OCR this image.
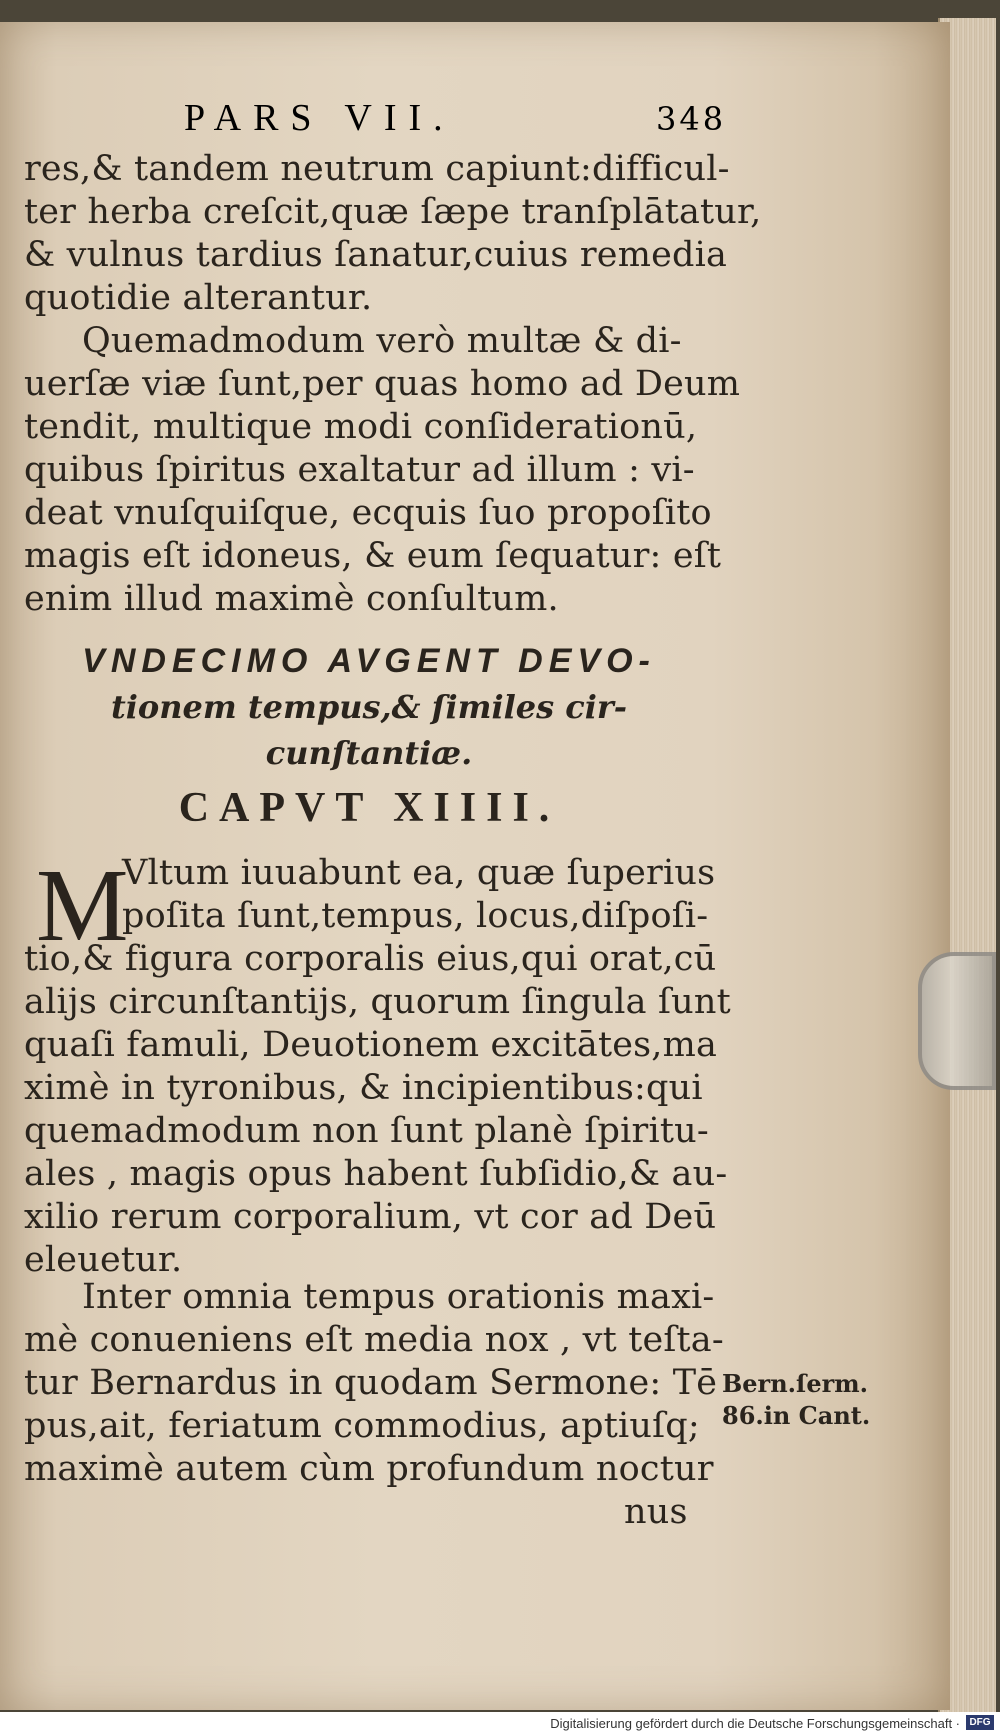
PARS VII.	348
res,& tandem neutrum capiunt:difficul-
ter herba creſcit,quæ ſæpe tranſplātatur,
& vulnus tardius ſanatur,cuius remedia
quotidie alterantur.
Quemadmodum verò multæ & di-
uerſæ viæ ſunt,per quas homo ad Deum
tendit, multique modi conſiderationū,
quibus ſpiritus exaltatur ad illum : vi-
deat vnuſquiſque, ecquis ſuo propoſito
magis eſt idoneus, & eum ſequatur: eſt
enim illud maximè conſultum.
VNDECIMO AVGENT DEVO-
tionem tempus,& ſimiles cir-
cunſtantiæ.
CAPVT XIIII.
M
Vltum iuuabunt ea, quæ ſuperius
poſita ſunt,tempus, locus,diſpoſi-
tio,& figura corporalis eius,qui orat,cū
alijs circunſtantijs, quorum ſingula ſunt
quaſi famuli, Deuotionem excitātes,ma
ximè in tyronibus, & incipientibus:qui
quemadmodum non ſunt planè ſpiritu-
ales , magis opus habent ſubſidio,& au-
xilio rerum corporalium, vt cor ad Deū
eleuetur.
Inter omnia tempus orationis maxi-
mè conueniens eſt media nox , vt teſta-
tur Bernardus in quodam Sermone: Tē
pus,ait, feriatum commodius, aptiuſq;
maximè autem cùm profundum noctur
nus
Bern.ſerm.
86.in Cant.
Digitalisierung gefördert durch die Deutsche Forschungsgemeinschaft · DFG
